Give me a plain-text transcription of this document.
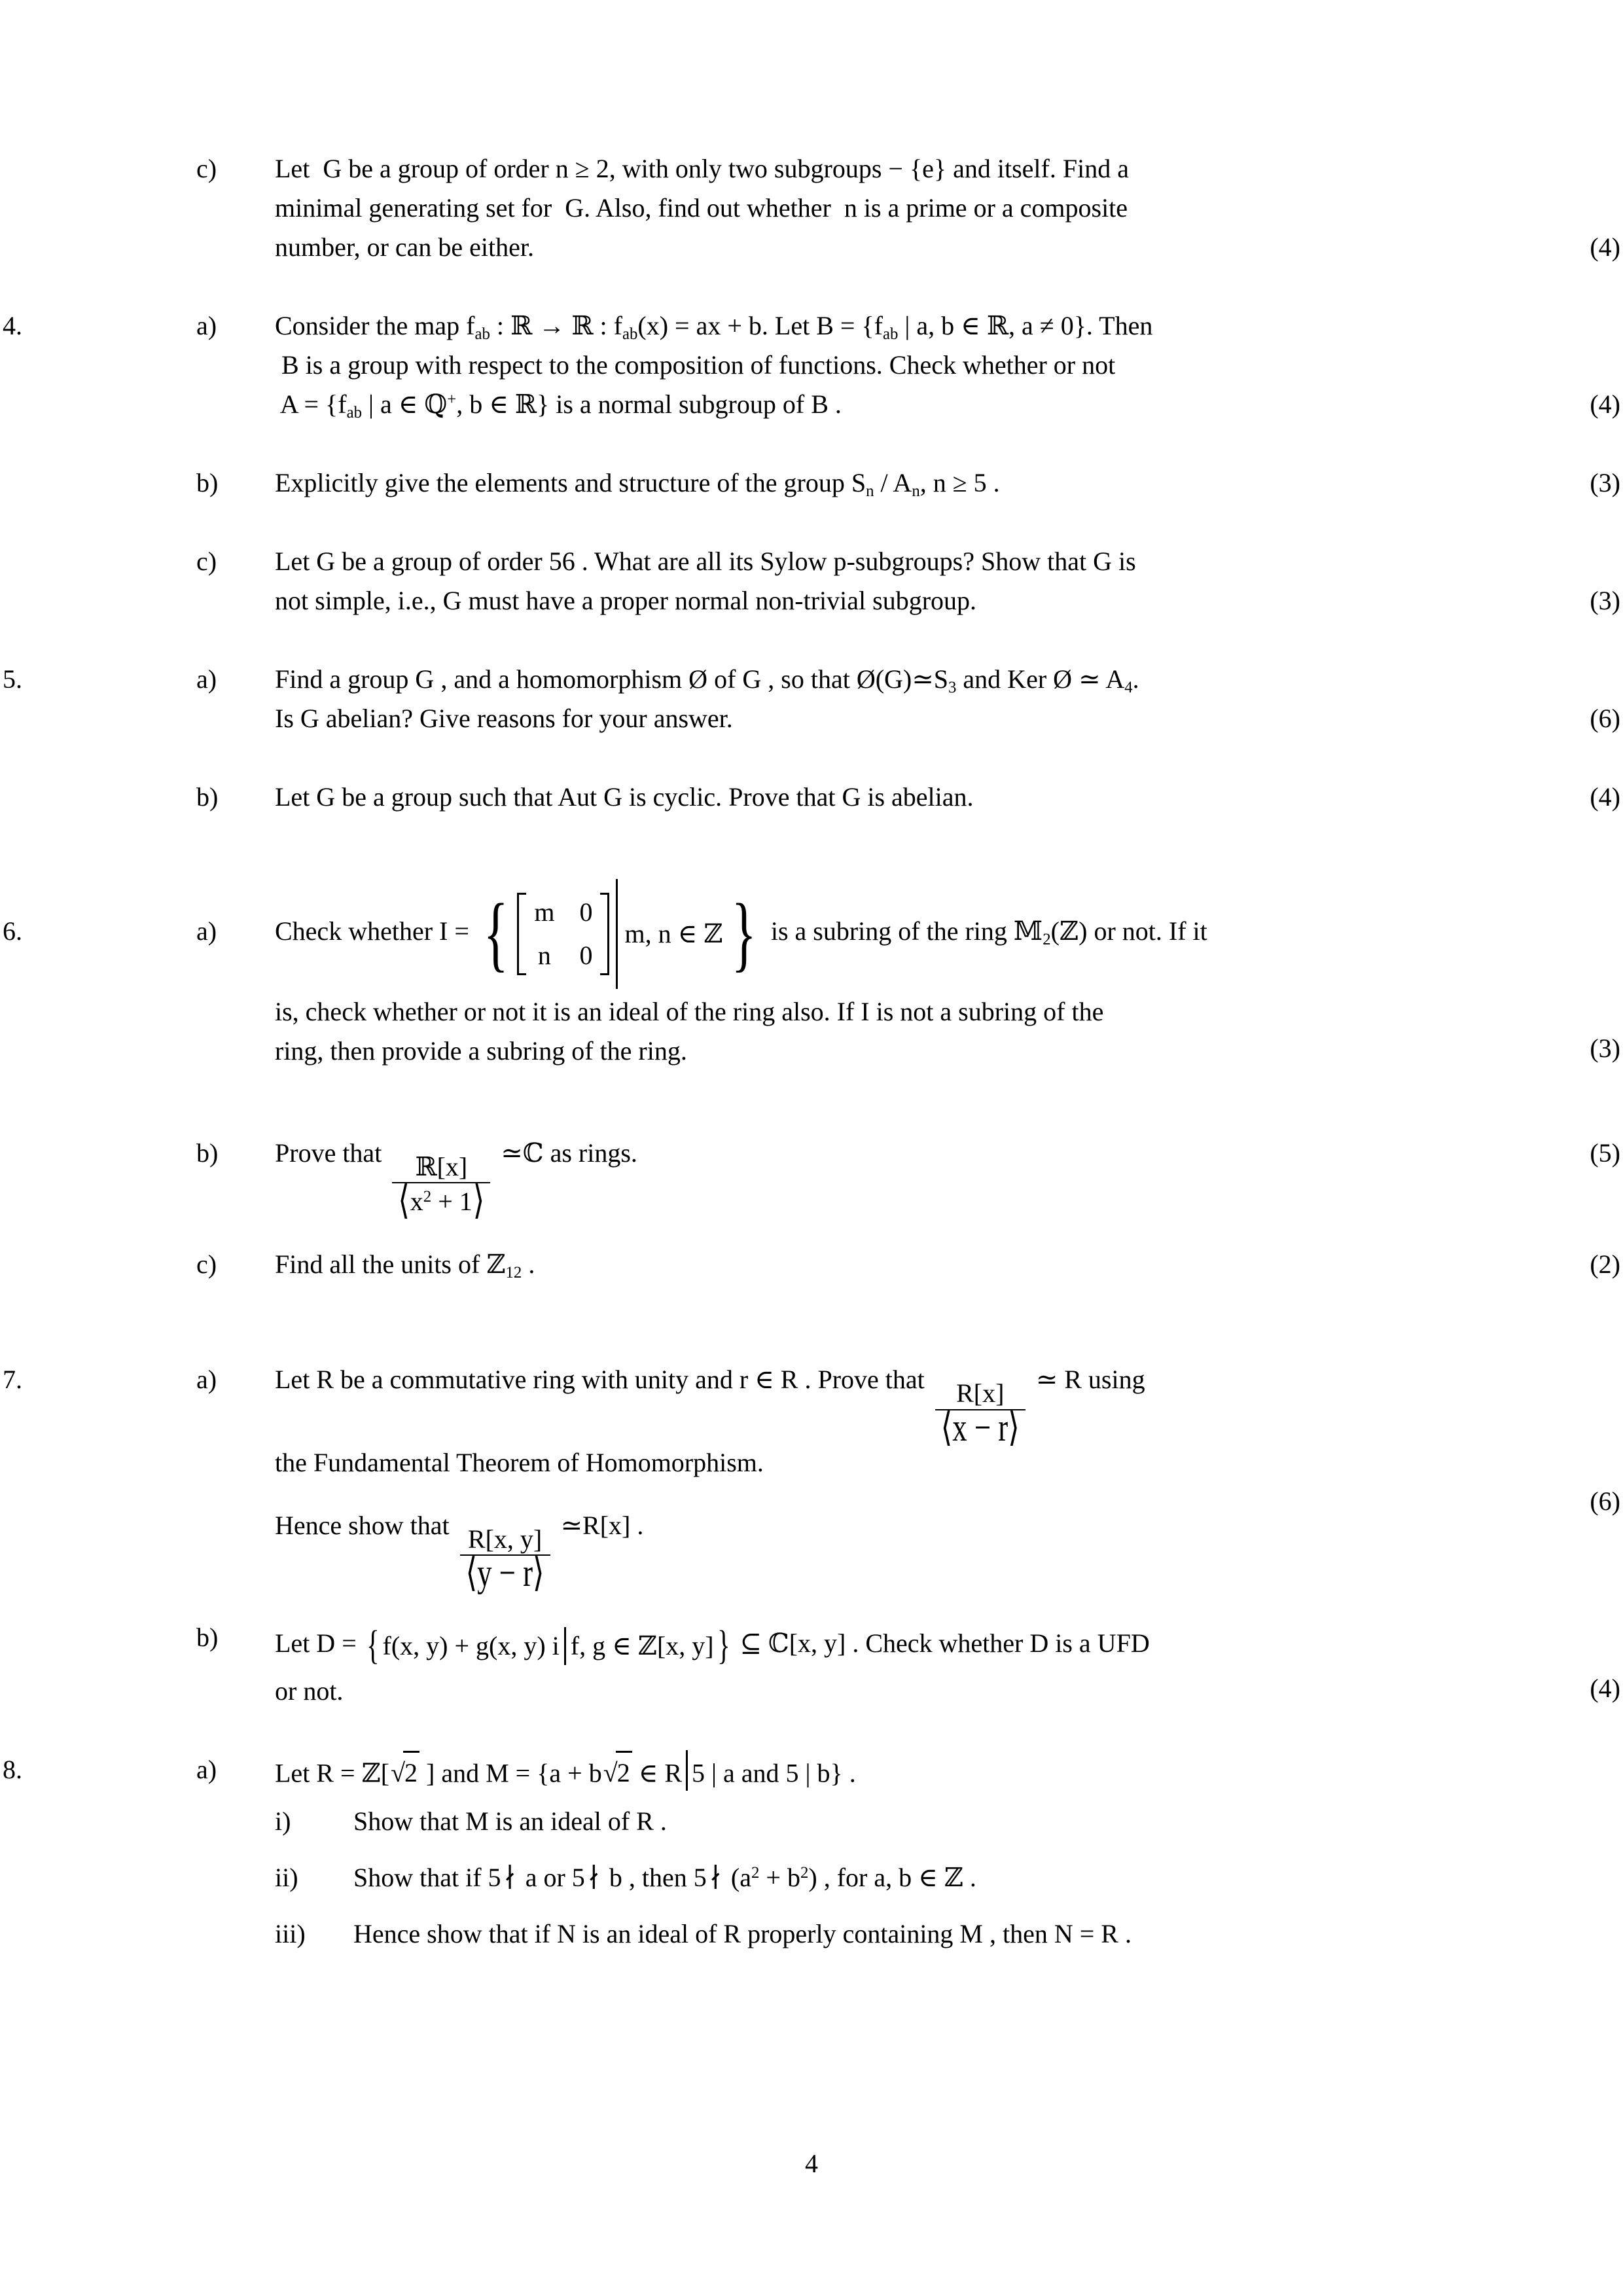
c)	Let G be a group of order n ≥ 2, with only two subgroups − {e} and itself. Find a
minimal generating set for G. Also, find out whether n is a prime or a composite
number, or can be either.

	(4)
4.	a)	Consider the map $f_{ab}$ : ℝ → ℝ : $f_{ab}(x)$ = ax + b. Let $B = \{f_{ab}$ | a, b ∈ ℝ, a ≠ 0}. Then
B is a group with respect to the composition of functions. Check whether or not
$A = \{f_{ab}$ | a ∈ ℚ+, b ∈ ℝ} is a normal subgroup of B .

	(4)
b)	Explicitly give the elements and structure of the group $S_n / A_n$, n ≥ 5 .	(3)
c)	Let G be a group of order 56 . What are all its Sylow p-subgroups? Show that G is
not simple, i.e., G must have a proper normal non-trivial subgroup.
	(3)
5.	a)	Find a group G , and a homomorphism Ø of G , so that $Ø(G)≃S_3$ and Ker Ø ≃ $A_4$.
Is G abelian? Give reasons for your answer.
	(6)
b)	Let G be a group such that Aut G is cyclic. Prove that G is abelian.	(4)
6.	a)	Check whether I = { m 0
n 0
m, n ∈ ℤ } is a subring of the ring 𝕄$_2$(ℤ) or not. If it
is, check whether or not it is an ideal of the ring also. If I is not a subring of the
ring, then provide a subring of the ring.

	(3)
b)	Prove that
$\frac{\text{ℝ[x]}}{⟨x^2 + 1⟩}$
≃ℂ as rings.	(5)
c)	Find all the units of ℤ$_{12}$ .	(2)
7.	a)	Let R be a commutative ring with unity and r ∈ R . Prove that
$\frac{R[x]}{⟨x - r⟩}$
≃ R using
the Fundamental Theorem of Homomorphism.
Hence show that
$\frac{R[x, y]}{⟨y - r⟩}$
≃R[x] .

(6)
b)	Let D = { f(x, y) + g(x, y) i f, g ∈ ℤ[x, y] } ⊆ ℂ[x, y] . Check whether D is a UFD
or not.
	(4)
8.	a)	Let R = ℤ[√2 ] and M = {a + b√2 ∈ R 5 | a and 5 | b} .
i)	Show that M is an ideal of R .
ii)	Show that if 5 ∤ a or 5 ∤ b , then 5 ∤ $(a^2 + b^2)$ , for a, b ∈ ℤ .
iii)	Hence show that if N is an ideal of R properly containing M , then N = R .
4
